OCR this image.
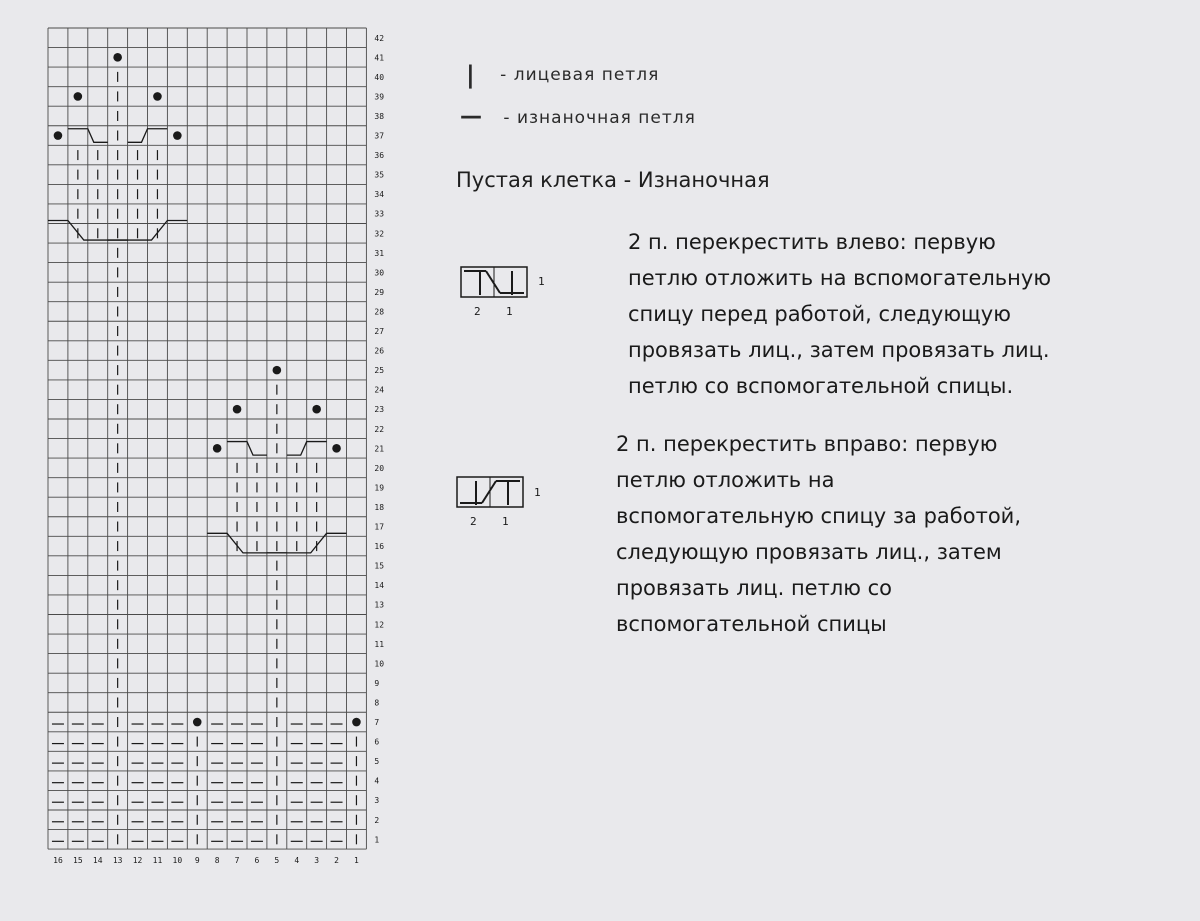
1
2
3
4
5
6
7
8
9
10
11
12
13
14
15
16
17
18
19
20
21
22
23
24
25
26
27
28
29
30
31
32
33
34
35
36
37
38
39
40
41
42
16 15 14 13 12 11 10 9 8 7 6 5 4 3 2 1
| - лицевая петля
— - изнаночная петля
Пустая клетка - Изнаночная
1
2 1
1
2 1
2 п. перекрестить влево: первую
петлю отложить на вспомогательную
спицу перед работой, следующую
провязать лиц., затем провязать лиц.
петлю со вспомогательной спицы.
2 п. перекрестить вправо: первую
петлю отложить на
вспомогательную спицу за работой,
следующую провязать лиц., затем
провязать лиц. петлю со
вспомогательной спицы
